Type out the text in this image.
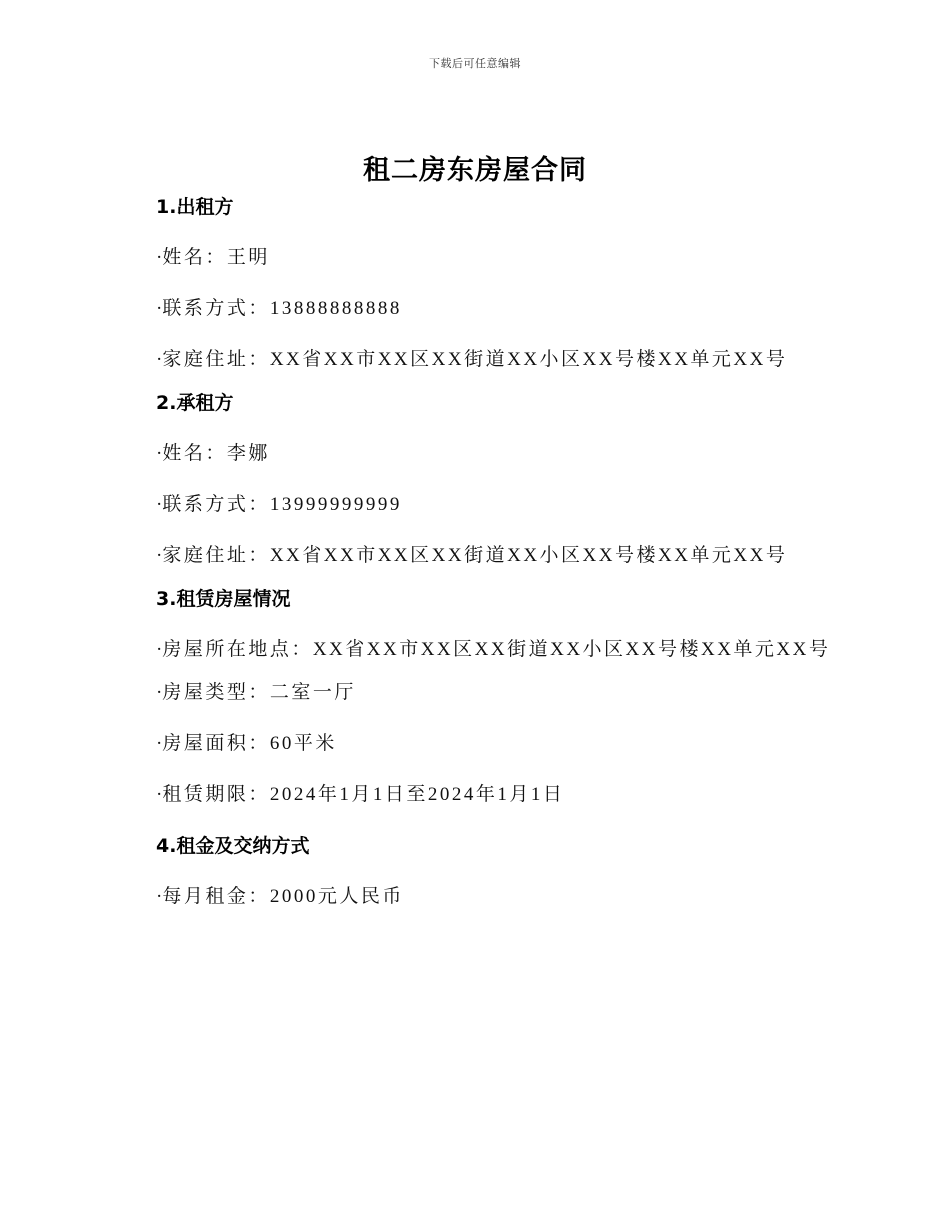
下载后可任意编辑
租二房东房屋合同
1.出租方
·姓名：王明
·联系方式：13888888888
·家庭住址：XX省XX市XX区XX街道XX小区XX号楼XX单元XX号
2.承租方
·姓名：李娜
·联系方式：13999999999
·家庭住址：XX省XX市XX区XX街道XX小区XX号楼XX单元XX号
3.租赁房屋情况
·房屋所在地点：XX省XX市XX区XX街道XX小区XX号楼XX单元XX号
·房屋类型：二室一厅
·房屋面积：60平米
·租赁期限：2024年1月1日至2024年1月1日
4.租金及交纳方式
·每月租金：2000元人民币
